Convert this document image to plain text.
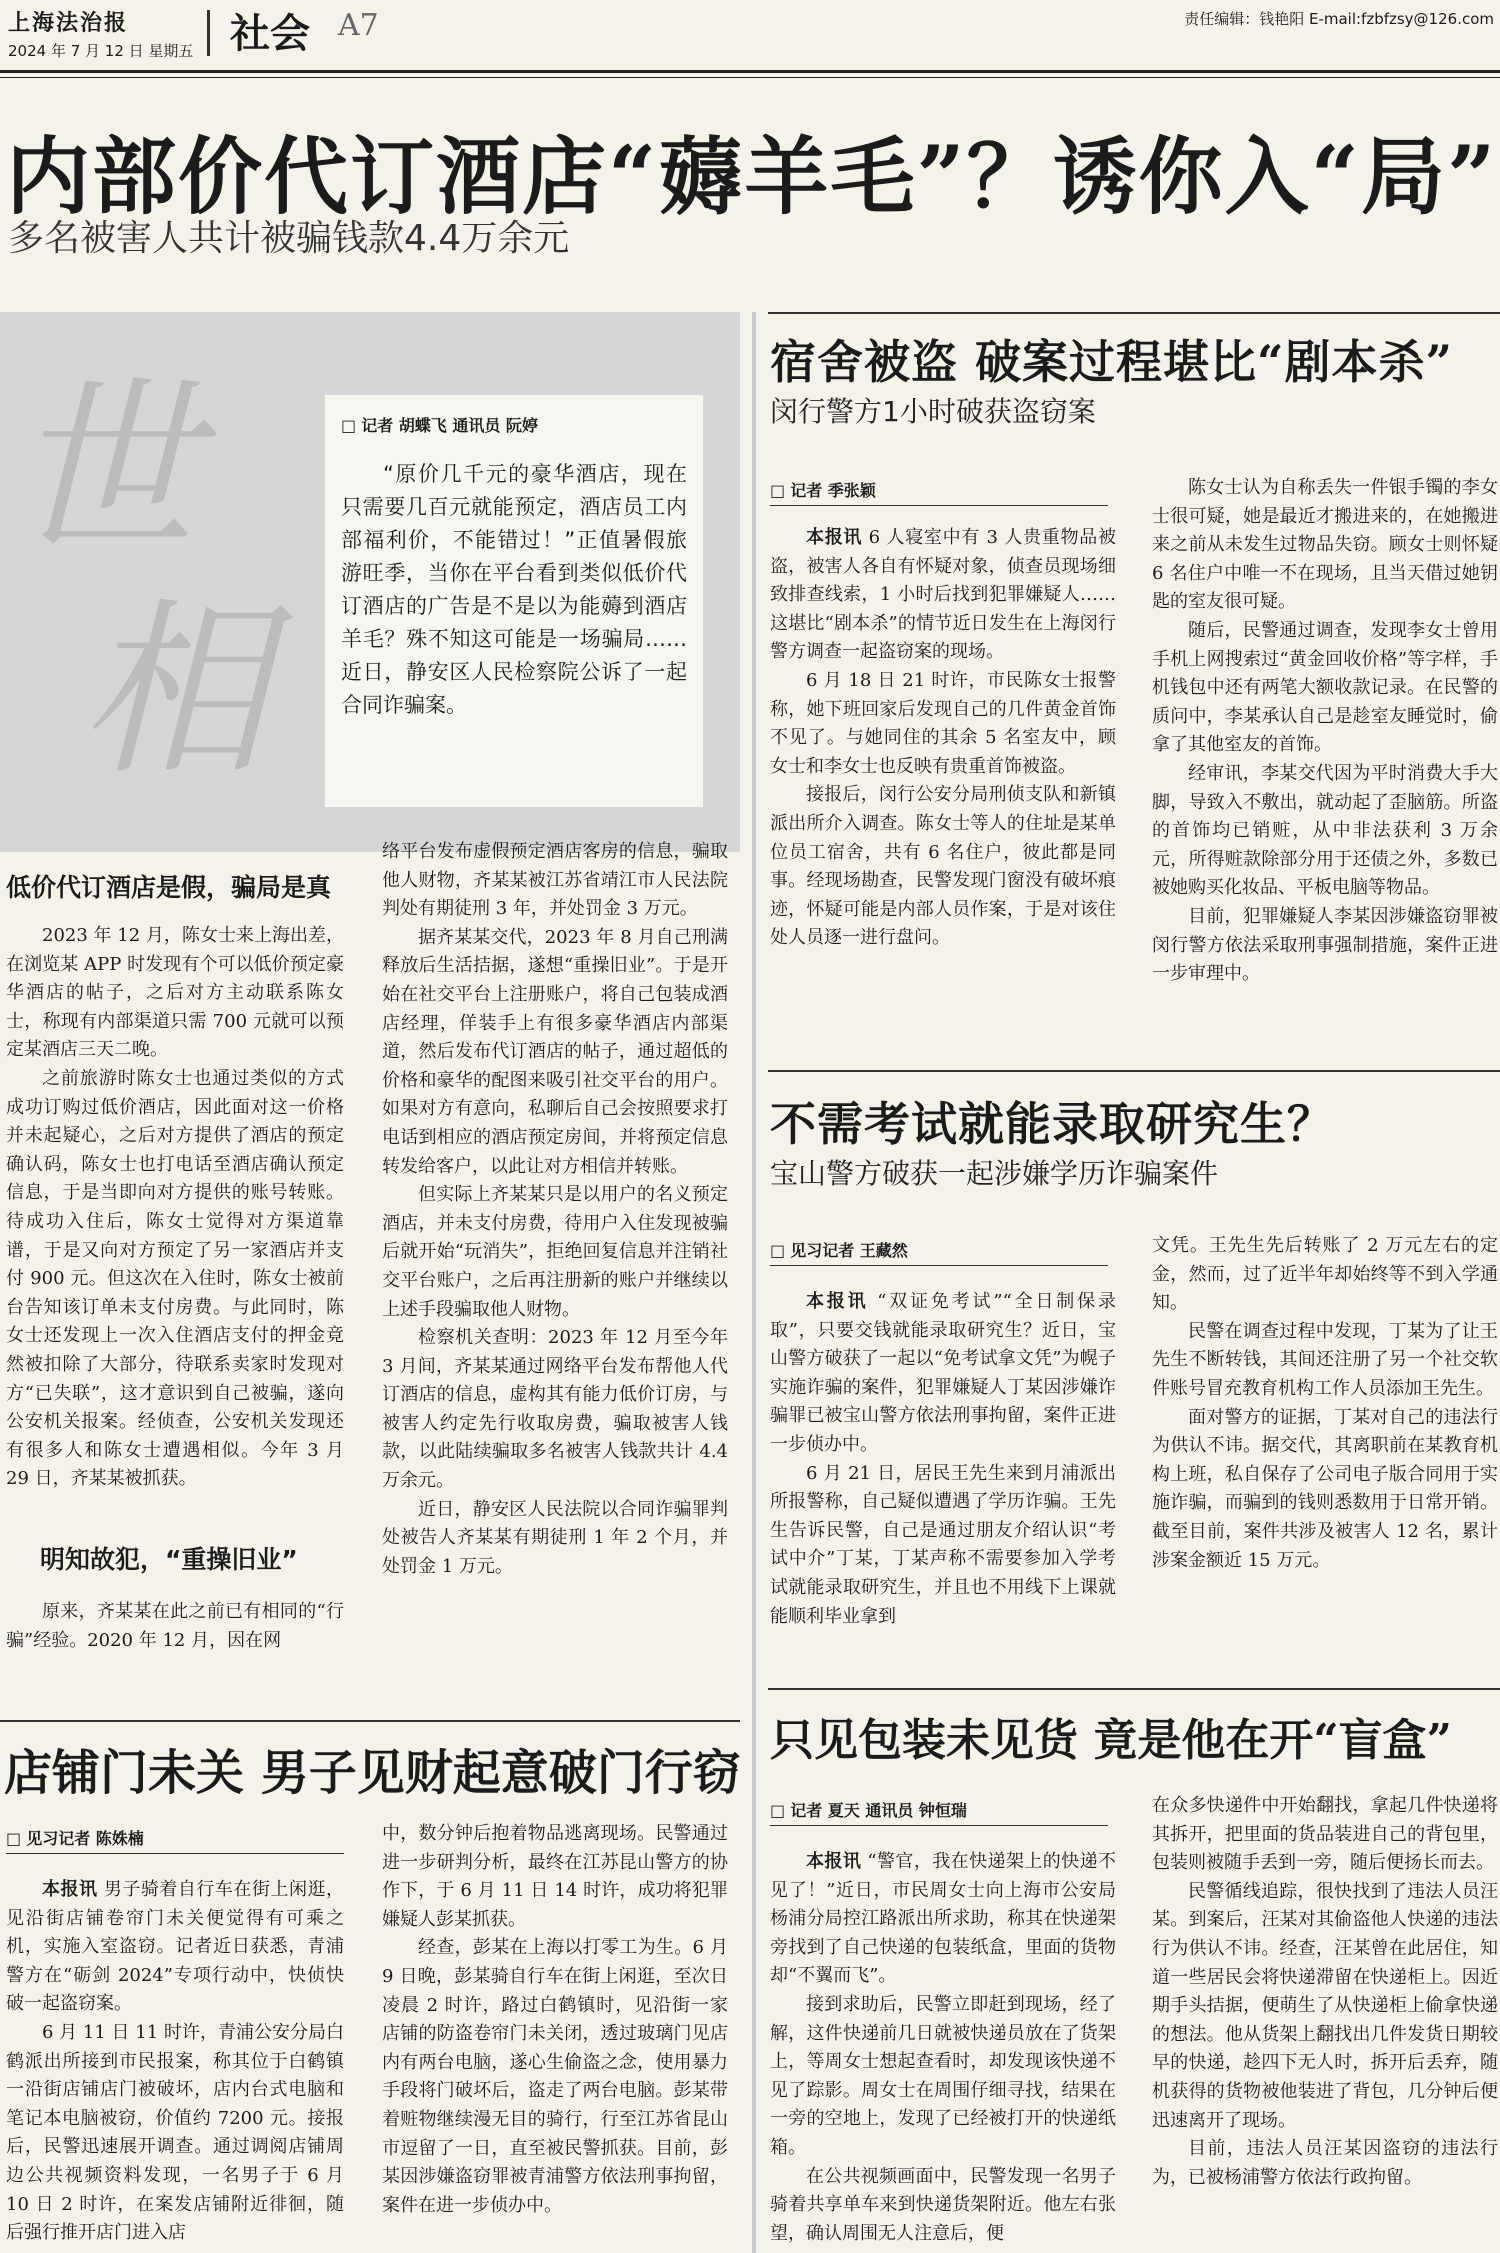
上海法治报
2024 年 7 月 12 日 星期五 社会 A7	责任编辑：钱艳阳 E-mail:fzbfzsy@126.com
内部价代订酒店“薅羊毛”？诱你入“局”
多名被害人共计被骗钱款4.4万余元
世
相
□ 记者 胡蝶飞 通讯员 阮婷
“原价几千元的豪华酒店，现在只需要几百元就能预定，酒店员工内部福利价，不能错过！”正值暑假旅游旺季，当你在平台看到类似低价代订酒店的广告是不是以为能薅到酒店羊毛？殊不知这可能是一场骗局……近日，静安区人民检察院公诉了一起合同诈骗案。
低价代订酒店是假，骗局是真

2023 年 12 月，陈女士来上海出差，在浏览某 APP 时发现有个可以低价预定豪华酒店的帖子，之后对方主动联系陈女士，称现有内部渠道只需 700 元就可以预定某酒店三天二晚。

之前旅游时陈女士也通过类似的方式成功订购过低价酒店，因此面对这一价格并未起疑心，之后对方提供了酒店的预定确认码，陈女士也打电话至酒店确认预定信息，于是当即向对方提供的账号转账。待成功入住后，陈女士觉得对方渠道靠谱，于是又向对方预定了另一家酒店并支付 900 元。但这次在入住时，陈女士被前台告知该订单未支付房费。与此同时，陈女士还发现上一次入住酒店支付的押金竟然被扣除了大部分，待联系卖家时发现对方“已失联”，这才意识到自己被骗，遂向公安机关报案。经侦查，公安机关发现还有很多人和陈女士遭遇相似。今年 3 月 29 日，齐某某被抓获。

明知故犯，“重操旧业”

原来，齐某某在此之前已有相同的“行骗”经验。2020 年 12 月，因在网

络平台发布虚假预定酒店客房的信息，骗取他人财物，齐某某被江苏省靖江市人民法院判处有期徒刑 3 年，并处罚金 3 万元。

据齐某某交代，2023 年 8 月自己刑满释放后生活拮据，遂想“重操旧业”。于是开始在社交平台上注册账户，将自己包装成酒店经理，佯装手上有很多豪华酒店内部渠道，然后发布代订酒店的帖子，通过超低的价格和豪华的配图来吸引社交平台的用户。如果对方有意向，私聊后自己会按照要求打电话到相应的酒店预定房间，并将预定信息转发给客户，以此让对方相信并转账。

但实际上齐某某只是以用户的名义预定酒店，并未支付房费，待用户入住发现被骗后就开始“玩消失”，拒绝回复信息并注销社交平台账户，之后再注册新的账户并继续以上述手段骗取他人财物。

检察机关查明：2023 年 12 月至今年 3 月间，齐某某通过网络平台发布帮他人代订酒店的信息，虚构其有能力低价订房，与被害人约定先行收取房费，骗取被害人钱款，以此陆续骗取多名被害人钱款共计 4.4 万余元。

近日，静安区人民法院以合同诈骗罪判处被告人齐某某有期徒刑 1 年 2 个月，并处罚金 1 万元。

宿舍被盗 破案过程堪比“剧本杀”
闵行警方1小时破获盗窃案
□ 记者 季张颖

本报讯 6 人寝室中有 3 人贵重物品被盗，被害人各自有怀疑对象，侦查员现场细致排查线索，1 小时后找到犯罪嫌疑人……这堪比“剧本杀”的情节近日发生在上海闵行警方调查一起盗窃案的现场。

6 月 18 日 21 时许，市民陈女士报警称，她下班回家后发现自己的几件黄金首饰不见了。与她同住的其余 5 名室友中，顾女士和李女士也反映有贵重首饰被盗。

接报后，闵行公安分局刑侦支队和新镇派出所介入调查。陈女士等人的住址是某单位员工宿舍，共有 6 名住户，彼此都是同事。经现场勘查，民警发现门窗没有破坏痕迹，怀疑可能是内部人员作案，于是对该住处人员逐一进行盘问。

陈女士认为自称丢失一件银手镯的李女士很可疑，她是最近才搬进来的，在她搬进来之前从未发生过物品失窃。顾女士则怀疑 6 名住户中唯一不在现场，且当天借过她钥匙的室友很可疑。

随后，民警通过调查，发现李女士曾用手机上网搜索过“黄金回收价格”等字样，手机钱包中还有两笔大额收款记录。在民警的质问中，李某承认自己是趁室友睡觉时，偷拿了其他室友的首饰。

经审讯，李某交代因为平时消费大手大脚，导致入不敷出，就动起了歪脑筋。所盗的首饰均已销赃，从中非法获利 3 万余元，所得赃款除部分用于还债之外，多数已被她购买化妆品、平板电脑等物品。

目前，犯罪嫌疑人李某因涉嫌盗窃罪被闵行警方依法采取刑事强制措施，案件正进一步审理中。

不需考试就能录取研究生？
宝山警方破获一起涉嫌学历诈骗案件
□ 见习记者 王藏然

本报讯 “双证免考试”“全日制保录取”，只要交钱就能录取研究生？近日，宝山警方破获了一起以“免考试拿文凭”为幌子实施诈骗的案件，犯罪嫌疑人丁某因涉嫌诈骗罪已被宝山警方依法刑事拘留，案件正进一步侦办中。

6 月 21 日，居民王先生来到月浦派出所报警称，自己疑似遭遇了学历诈骗。王先生告诉民警，自己是通过朋友介绍认识“考试中介”丁某，丁某声称不需要参加入学考试就能录取研究生，并且也不用线下上课就能顺利毕业拿到

文凭。王先生先后转账了 2 万元左右的定金，然而，过了近半年却始终等不到入学通知。

民警在调查过程中发现，丁某为了让王先生不断转钱，其间还注册了另一个社交软件账号冒充教育机构工作人员添加王先生。

面对警方的证据，丁某对自己的违法行为供认不讳。据交代，其离职前在某教育机构上班，私自保存了公司电子版合同用于实施诈骗，而骗到的钱则悉数用于日常开销。截至目前，案件共涉及被害人 12 名，累计涉案金额近 15 万元。

店铺门未关 男子见财起意破门行窃
□ 见习记者 陈姝楠

本报讯 男子骑着自行车在街上闲逛，见沿街店铺卷帘门未关便觉得有可乘之机，实施入室盗窃。记者近日获悉，青浦警方在“砺剑 2024”专项行动中，快侦快破一起盗窃案。

6 月 11 日 11 时许，青浦公安分局白鹤派出所接到市民报案，称其位于白鹤镇一沿街店铺店门被破坏，店内台式电脑和笔记本电脑被窃，价值约 7200 元。接报后，民警迅速展开调查。通过调阅店铺周边公共视频资料发现，一名男子于 6 月 10 日 2 时许，在案发店铺附近徘徊，随后强行推开店门进入店

中，数分钟后抱着物品逃离现场。民警通过进一步研判分析，最终在江苏昆山警方的协作下，于 6 月 11 日 14 时许，成功将犯罪嫌疑人彭某抓获。

经查，彭某在上海以打零工为生。6 月 9 日晚，彭某骑自行车在街上闲逛，至次日凌晨 2 时许，路过白鹤镇时，见沿街一家店铺的防盗卷帘门未关闭，透过玻璃门见店内有两台电脑，遂心生偷盗之念，使用暴力手段将门破坏后，盗走了两台电脑。彭某带着赃物继续漫无目的骑行，行至江苏省昆山市逗留了一日，直至被民警抓获。目前，彭某因涉嫌盗窃罪被青浦警方依法刑事拘留，案件在进一步侦办中。

只见包装未见货 竟是他在开“盲盒”
□ 记者 夏天 通讯员 钟恒瑞

本报讯 “警官，我在快递架上的快递不见了！”近日，市民周女士向上海市公安局杨浦分局控江路派出所求助，称其在快递架旁找到了自己快递的包装纸盒，里面的货物却“不翼而飞”。

接到求助后，民警立即赶到现场，经了解，这件快递前几日就被快递员放在了货架上，等周女士想起查看时，却发现该快递不见了踪影。周女士在周围仔细寻找，结果在一旁的空地上，发现了已经被打开的快递纸箱。

在公共视频画面中，民警发现一名男子骑着共享单车来到快递货架附近。他左右张望，确认周围无人注意后，便

在众多快递件中开始翻找，拿起几件快递将其拆开，把里面的货品装进自己的背包里，包装则被随手丢到一旁，随后便扬长而去。

民警循线追踪，很快找到了违法人员汪某。到案后，汪某对其偷盗他人快递的违法行为供认不讳。经查，汪某曾在此居住，知道一些居民会将快递滞留在快递柜上。因近期手头拮据，便萌生了从快递柜上偷拿快递的想法。他从货架上翻找出几件发货日期较早的快递，趁四下无人时，拆开后丢弃，随机获得的货物被他装进了背包，几分钟后便迅速离开了现场。

目前，违法人员汪某因盗窃的违法行为，已被杨浦警方依法行政拘留。
